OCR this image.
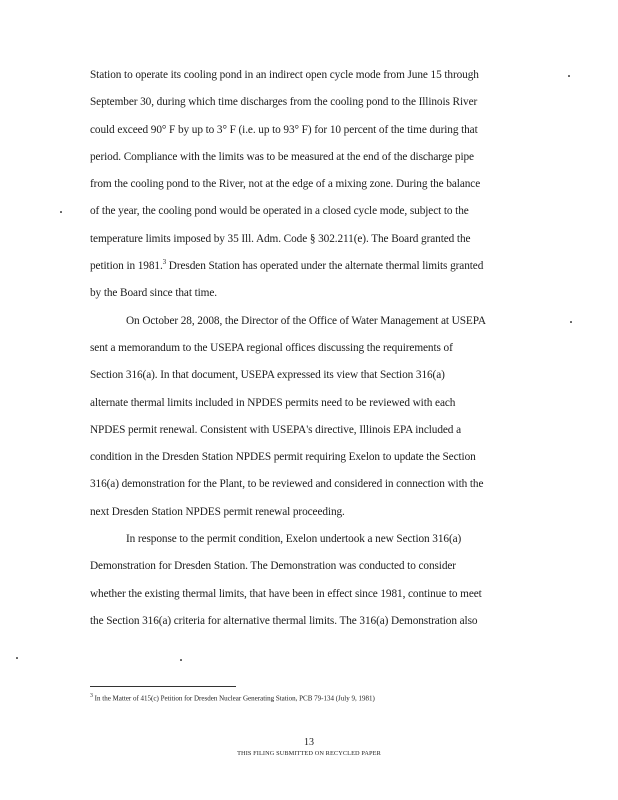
Station to operate its cooling pond in an indirect open cycle mode from June 15 through
September 30, during which time discharges from the cooling pond to the Illinois River
could exceed 90° F by up to 3° F (i.e. up to 93° F) for 10 percent of the time during that
period. Compliance with the limits was to be measured at the end of the discharge pipe
from the cooling pond to the River, not at the edge of a mixing zone. During the balance
of the year, the cooling pond would be operated in a closed cycle mode, subject to the
temperature limits imposed by 35 Ill. Adm. Code § 302.211(e). The Board granted the
petition in 1981.$^3$ Dresden Station has operated under the alternate thermal limits granted
by the Board since that time.
On October 28, 2008, the Director of the Office of Water Management at USEPA
sent a memorandum to the USEPA regional offices discussing the requirements of
Section 316(a). In that document, USEPA expressed its view that Section 316(a)
alternate thermal limits included in NPDES permits need to be reviewed with each
NPDES permit renewal. Consistent with USEPA's directive, Illinois EPA included a
condition in the Dresden Station NPDES permit requiring Exelon to update the Section
316(a) demonstration for the Plant, to be reviewed and considered in connection with the
next Dresden Station NPDES permit renewal proceeding.
In response to the permit condition, Exelon undertook a new Section 316(a)
Demonstration for Dresden Station. The Demonstration was conducted to consider
whether the existing thermal limits, that have been in effect since 1981, continue to meet
the Section 316(a) criteria for alternative thermal limits. The 316(a) Demonstration also
$^3$ In the Matter of 415(c) Petition for Dresden Nuclear Generating Station, PCB 79-134 (July 9, 1981)
13
THIS FILING SUBMITTED ON RECYCLED PAPER
